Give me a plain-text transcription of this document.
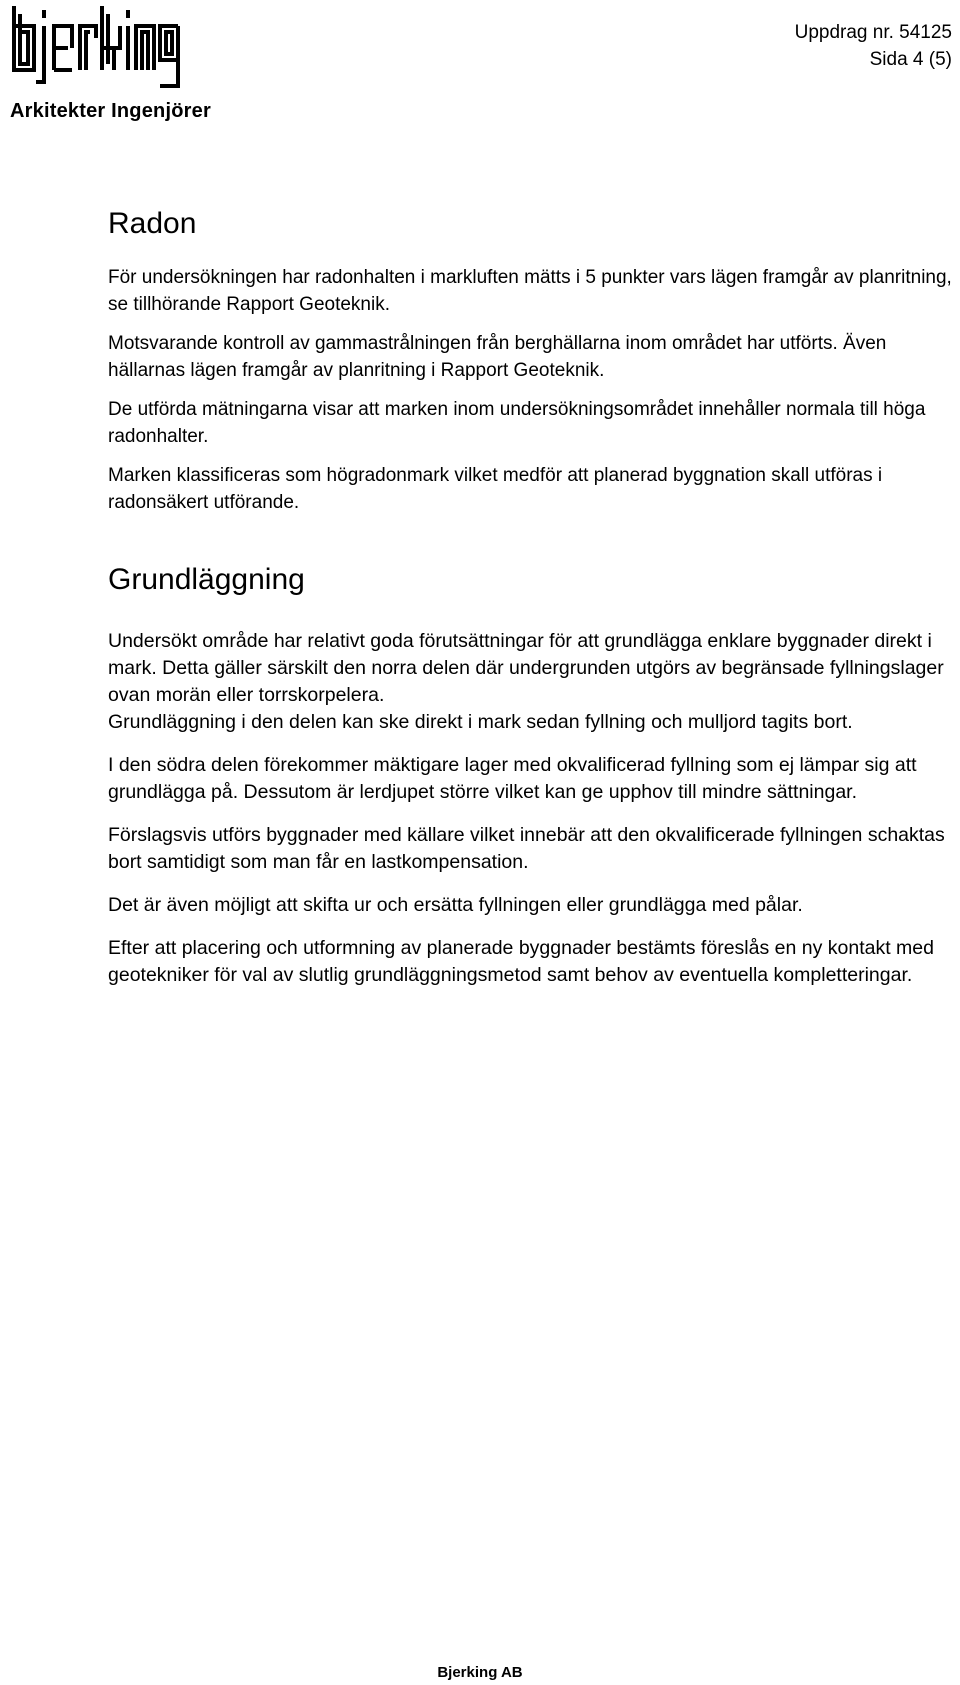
Arkitekter Ingenjörer
Uppdrag nr. 54125
Sida 4 (5)
Radon

För undersökningen har radonhalten i markluften mätts i 5 punkter vars lägen framgår av planritning, se tillhörande Rapport Geoteknik.

Motsvarande kontroll av gammastrålningen från berghällarna inom området har utförts. Även hällarnas lägen framgår av planritning i Rapport Geoteknik.

De utförda mätningarna visar att marken inom undersökningsområdet innehåller normala till höga radonhalter.

Marken klassificeras som högradonmark vilket medför att planerad byggnation skall utföras i radonsäkert utförande.

Grundläggning

Undersökt område har relativt goda förutsättningar för att grundlägga enklare byggnader direkt i mark. Detta gäller särskilt den norra delen där undergrunden utgörs av begränsade fyllningslager ovan morän eller torrskorpelera.

Grundläggning i den delen kan ske direkt i mark sedan fyllning och mulljord tagits bort.

I den södra delen förekommer mäktigare lager med okvalificerad fyllning som ej lämpar sig att grundlägga på. Dessutom är lerdjupet större vilket kan ge upphov till mindre sättningar.

Förslagsvis utförs byggnader med källare vilket innebär att den okvalificerade fyllningen schaktas bort samtidigt som man får en lastkompensation.

Det är även möjligt att skifta ur och ersätta fyllningen eller grundlägga med pålar.

Efter att placering och utformning av planerade byggnader bestämts föreslås en ny kontakt med geotekniker för val av slutlig grundläggningsmetod samt behov av eventuella kompletteringar.

Bjerking AB
